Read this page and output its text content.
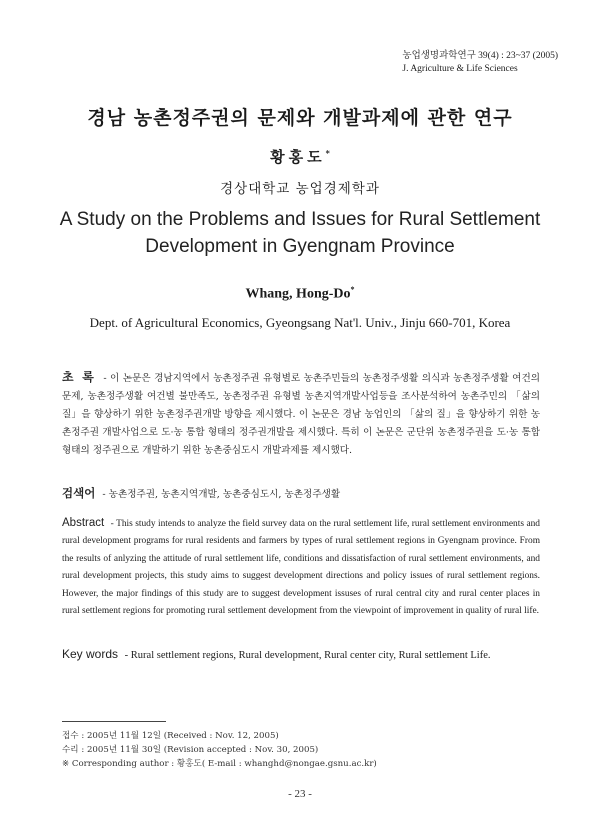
농업생명과학연구 39(4) : 23~37 (2005)
J. Agriculture & Life Sciences
경남 농촌정주권의 문제와 개발과제에 관한 연구
황홍도*
경상대학교 농업경제학과
A Study on the Problems and Issues for Rural Settlement
Development in Gyengnam Province
Whang, Hong-Do*
Dept. of Agricultural Economics, Gyeongsang Nat'l. Univ., Jinju 660-701, Korea
초 록 - 이 논문은 경남지역에서 농촌정주권 유형별로 농촌주민들의 농촌정주생활 의식과 농촌정주생활 여건의 문제, 농촌정주생활 여건별 불만족도, 농촌정주권 유형별 농촌지역개발사업등을 조사분석하여 농촌주민의 「삶의 질」을 향상하기 위한 농촌정주권개발 방향을 제시했다. 이 논문은 경남 농업인의 「삶의 질」을 향상하기 위한 농촌정주권 개발사업으로 도·농 통합 형태의 정주권개발을 제시했다. 특히 이 논문은 군단위 농촌정주권을 도·농 통합 형태의 정주권으로 개발하기 위한 농촌중심도시 개발과제를 제시했다.
검색어 - 농촌정주권, 농촌지역개발, 농촌중심도시, 농촌정주생활
Abstract - This study intends to analyze the field survey data on the rural settlement life, rural settlement environments and rural development programs for rural residents and farmers by types of rural settlement regions in Gyengnam province. From the results of anlyzing the attitude of rural settlement life, conditions and dissatisfaction of rural settlement environments, and rural development projects, this study aims to suggest development directions and policy issues of rural settlement regions. However, the major findings of this study are to suggest development issuses of rural central city and rural center places in rural settlement regions for promoting rural settlement development from the viewpoint of improvement in quality of rural life.
Key words - Rural settlement regions, Rural development, Rural center city, Rural settlement Life.
접수 : 2005년 11월 12일 (Received : Nov. 12, 2005)
수리 : 2005년 11월 30일 (Revision accepted : Nov. 30, 2005)
※ Corresponding author : 황홍도( E-mail : whanghd@nongae.gsnu.ac.kr)
- 23 -
